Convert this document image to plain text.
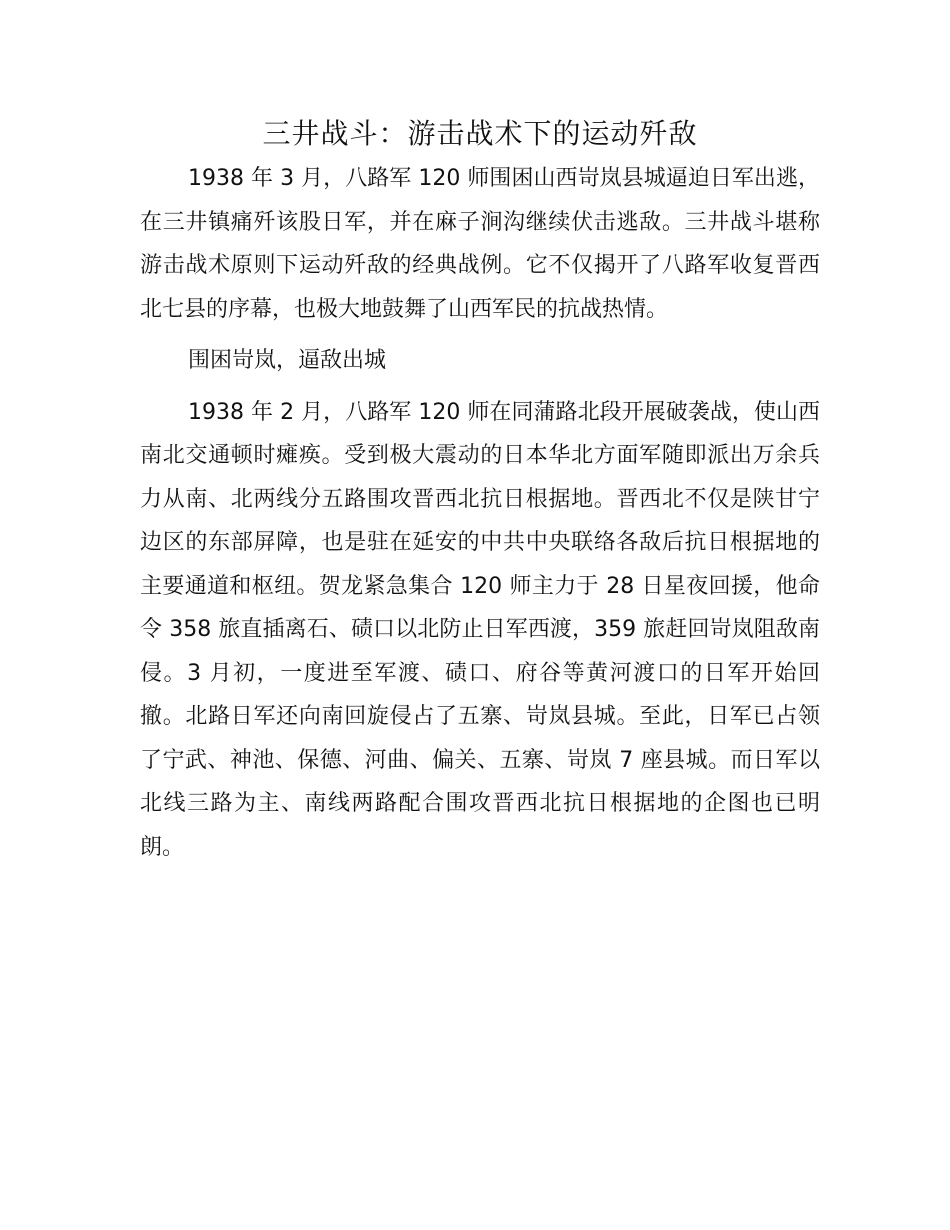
三井战斗：游击战术下的运动歼敌

1938 年 3 月，八路军 120 师围困山西岢岚县城逼迫日军出逃，在三井镇痛歼该股日军，并在麻子涧沟继续伏击逃敌。三井战斗堪称游击战术原则下运动歼敌的经典战例。它不仅揭开了八路军收复晋西北七县的序幕，也极大地鼓舞了山西军民的抗战热情。

围困岢岚，逼敌出城

1938 年 2 月，八路军 120 师在同蒲路北段开展破袭战，使山西南北交通顿时瘫痪。受到极大震动的日本华北方面军随即派出万余兵力从南、北两线分五路围攻晋西北抗日根据地。晋西北不仅是陕甘宁边区的东部屏障，也是驻在延安的中共中央联络各敌后抗日根据地的主要通道和枢纽。贺龙紧急集合 120 师主力于 28 日星夜回援，他命令 358 旅直插离石、碛口以北防止日军西渡，359 旅赶回岢岚阻敌南侵。3 月初，一度进至军渡、碛口、府谷等黄河渡口的日军开始回撤。北路日军还向南回旋侵占了五寨、岢岚县城。至此，日军已占领了宁武、神池、保德、河曲、偏关、五寨、岢岚 7 座县城。而日军以北线三路为主、南线两路配合围攻晋西北抗日根据地的企图也已明朗。
